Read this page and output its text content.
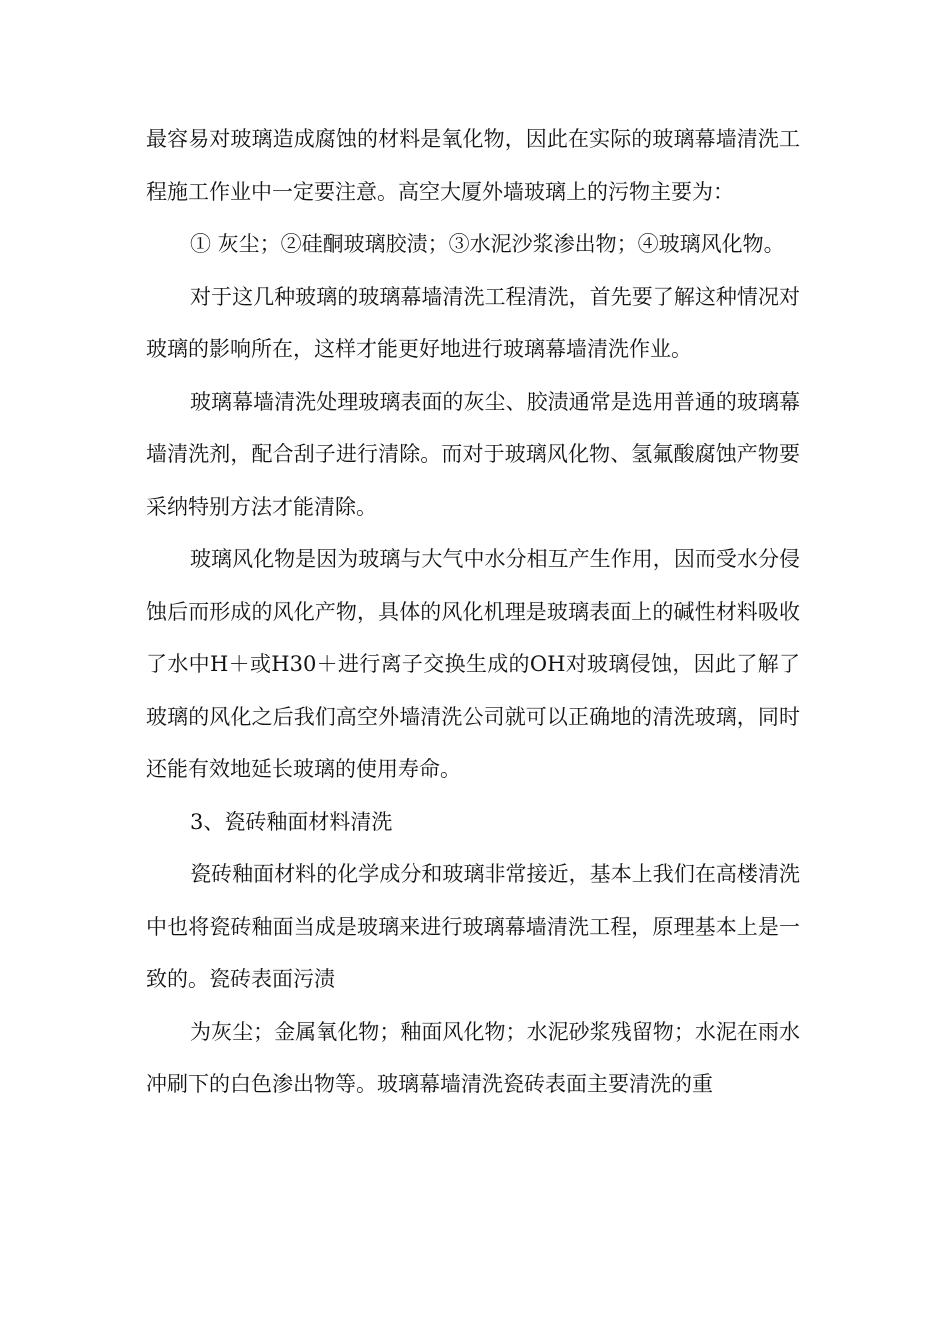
最容易对玻璃造成腐蚀的材料是氧化物，因此在实际的玻璃幕墙清洗工程施工作业中一定要注意。高空大厦外墙玻璃上的污物主要为：

① 灰尘；②硅酮玻璃胶渍；③水泥沙浆渗出物；④玻璃风化物。

对于这几种玻璃的玻璃幕墙清洗工程清洗，首先要了解这种情况对玻璃的影响所在，这样才能更好地进行玻璃幕墙清洗作业。

玻璃幕墙清洗处理玻璃表面的灰尘、胶渍通常是选用普通的玻璃幕墙清洗剂，配合刮子进行清除。而对于玻璃风化物、氢氟酸腐蚀产物要采纳特别方法才能清除。

玻璃风化物是因为玻璃与大气中水分相互产生作用，因而受水分侵蚀后而形成的风化产物，具体的风化机理是玻璃表面上的碱性材料吸收了水中H＋或H30＋进行离子交换生成的OH对玻璃侵蚀，因此了解了玻璃的风化之后我们高空外墙清洗公司就可以正确地的清洗玻璃，同时还能有效地延长玻璃的使用寿命。

3、瓷砖釉面材料清洗

瓷砖釉面材料的化学成分和玻璃非常接近，基本上我们在高楼清洗中也将瓷砖釉面当成是玻璃来进行玻璃幕墙清洗工程，原理基本上是一致的。瓷砖表面污渍

为灰尘；金属氧化物；釉面风化物；水泥砂浆残留物；水泥在雨水冲刷下的白色渗出物等。玻璃幕墙清洗瓷砖表面主要清洗的重
